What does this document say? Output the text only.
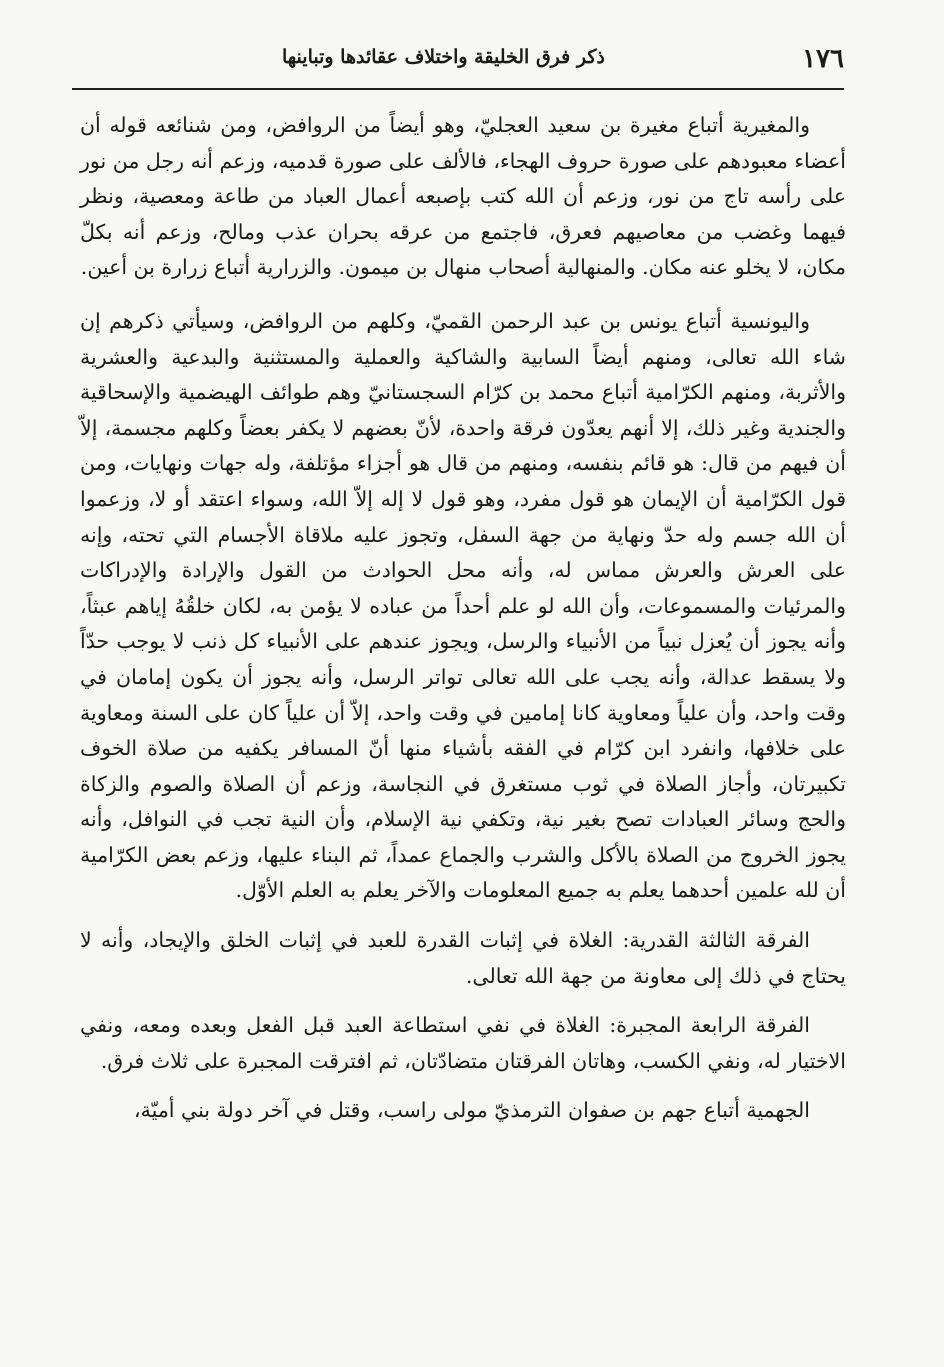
١٧٦
ذكر فرق الخليقة واختلاف عقائدها وتباينها

والمغيرية أتباع مغيرة بن سعيد العجليّ، وهو أيضاً من الروافض، ومن شنائعه قوله أن أعضاء معبودهم على صورة حروف الهجاء، فالألف على صورة قدميه، وزعم أنه رجل من نور على رأسه تاج من نور، وزعم أن الله كتب بإصبعه أعمال العباد من طاعة ومعصية، ونظر فيهما وغضب من معاصيهم فعرق، فاجتمع من عرقه بحران عذب ومالح، وزعم أنه بكلّ مكان، لا يخلو عنه مكان. والمنهالية أصحاب منهال بن ميمون. والزرارية أتباع زرارة بن أعين.

واليونسية أتباع يونس بن عبد الرحمن القميّ، وكلهم من الروافض، وسيأتي ذكرهم إن شاء الله تعالى، ومنهم أيضاً السابية والشاكية والعملية والمستثنية والبدعية والعشرية والأثربة، ومنهم الكرّامية أتباع محمد بن كرّام السجستانيّ وهم طوائف الهيضمية والإسحاقية والجندية وغير ذلك، إلا أنهم يعدّون فرقة واحدة، لأنّ بعضهم لا يكفر بعضاً وكلهم مجسمة، إلاّ أن فيهم من قال: هو قائم بنفسه، ومنهم من قال هو أجزاء مؤتلفة، وله جهات ونهايات، ومن قول الكرّامية أن الإيمان هو قول مفرد، وهو قول لا إله إلاّ الله، وسواء اعتقد أو لا، وزعموا أن الله جسم وله حدّ ونهاية من جهة السفل، وتجوز عليه ملاقاة الأجسام التي تحته، وإنه على العرش والعرش مماس له، وأنه محل الحوادث من القول والإرادة والإدراكات والمرئيات والمسموعات، وأن الله لو علم أحداً من عباده لا يؤمن به، لكان خلقُهُ إياهم عبثاً، وأنه يجوز أن يُعزل نبياً من الأنبياء والرسل، ويجوز عندهم على الأنبياء كل ذنب لا يوجب حدّاً ولا يسقط عدالة، وأنه يجب على الله تعالى تواتر الرسل، وأنه يجوز أن يكون إمامان في وقت واحد، وأن علياً ومعاوية كانا إمامين في وقت واحد، إلاّ أن علياً كان على السنة ومعاوية على خلافها، وانفرد ابن كرّام في الفقه بأشياء منها أنّ المسافر يكفيه من صلاة الخوف تكبيرتان، وأجاز الصلاة في ثوب مستغرق في النجاسة، وزعم أن الصلاة والصوم والزكاة والحج وسائر العبادات تصح بغير نية، وتكفي نية الإسلام، وأن النية تجب في النوافل، وأنه يجوز الخروج من الصلاة بالأكل والشرب والجماع عمداً، ثم البناء عليها، وزعم بعض الكرّامية أن لله علمين أحدهما يعلم به جميع المعلومات والآخر يعلم به العلم الأوّل.

الفرقة الثالثة القدرية: الغلاة في إثبات القدرة للعبد في إثبات الخلق والإيجاد، وأنه لا يحتاج في ذلك إلى معاونة من جهة الله تعالى.

الفرقة الرابعة المجبرة: الغلاة في نفي استطاعة العبد قبل الفعل وبعده ومعه، ونفي الاختيار له، ونفي الكسب، وهاتان الفرقتان متضادّتان، ثم افترقت المجبرة على ثلاث فرق.

الجهمية أتباع جهم بن صفوان الترمذيّ مولى راسب، وقتل في آخر دولة بني أميّة،
